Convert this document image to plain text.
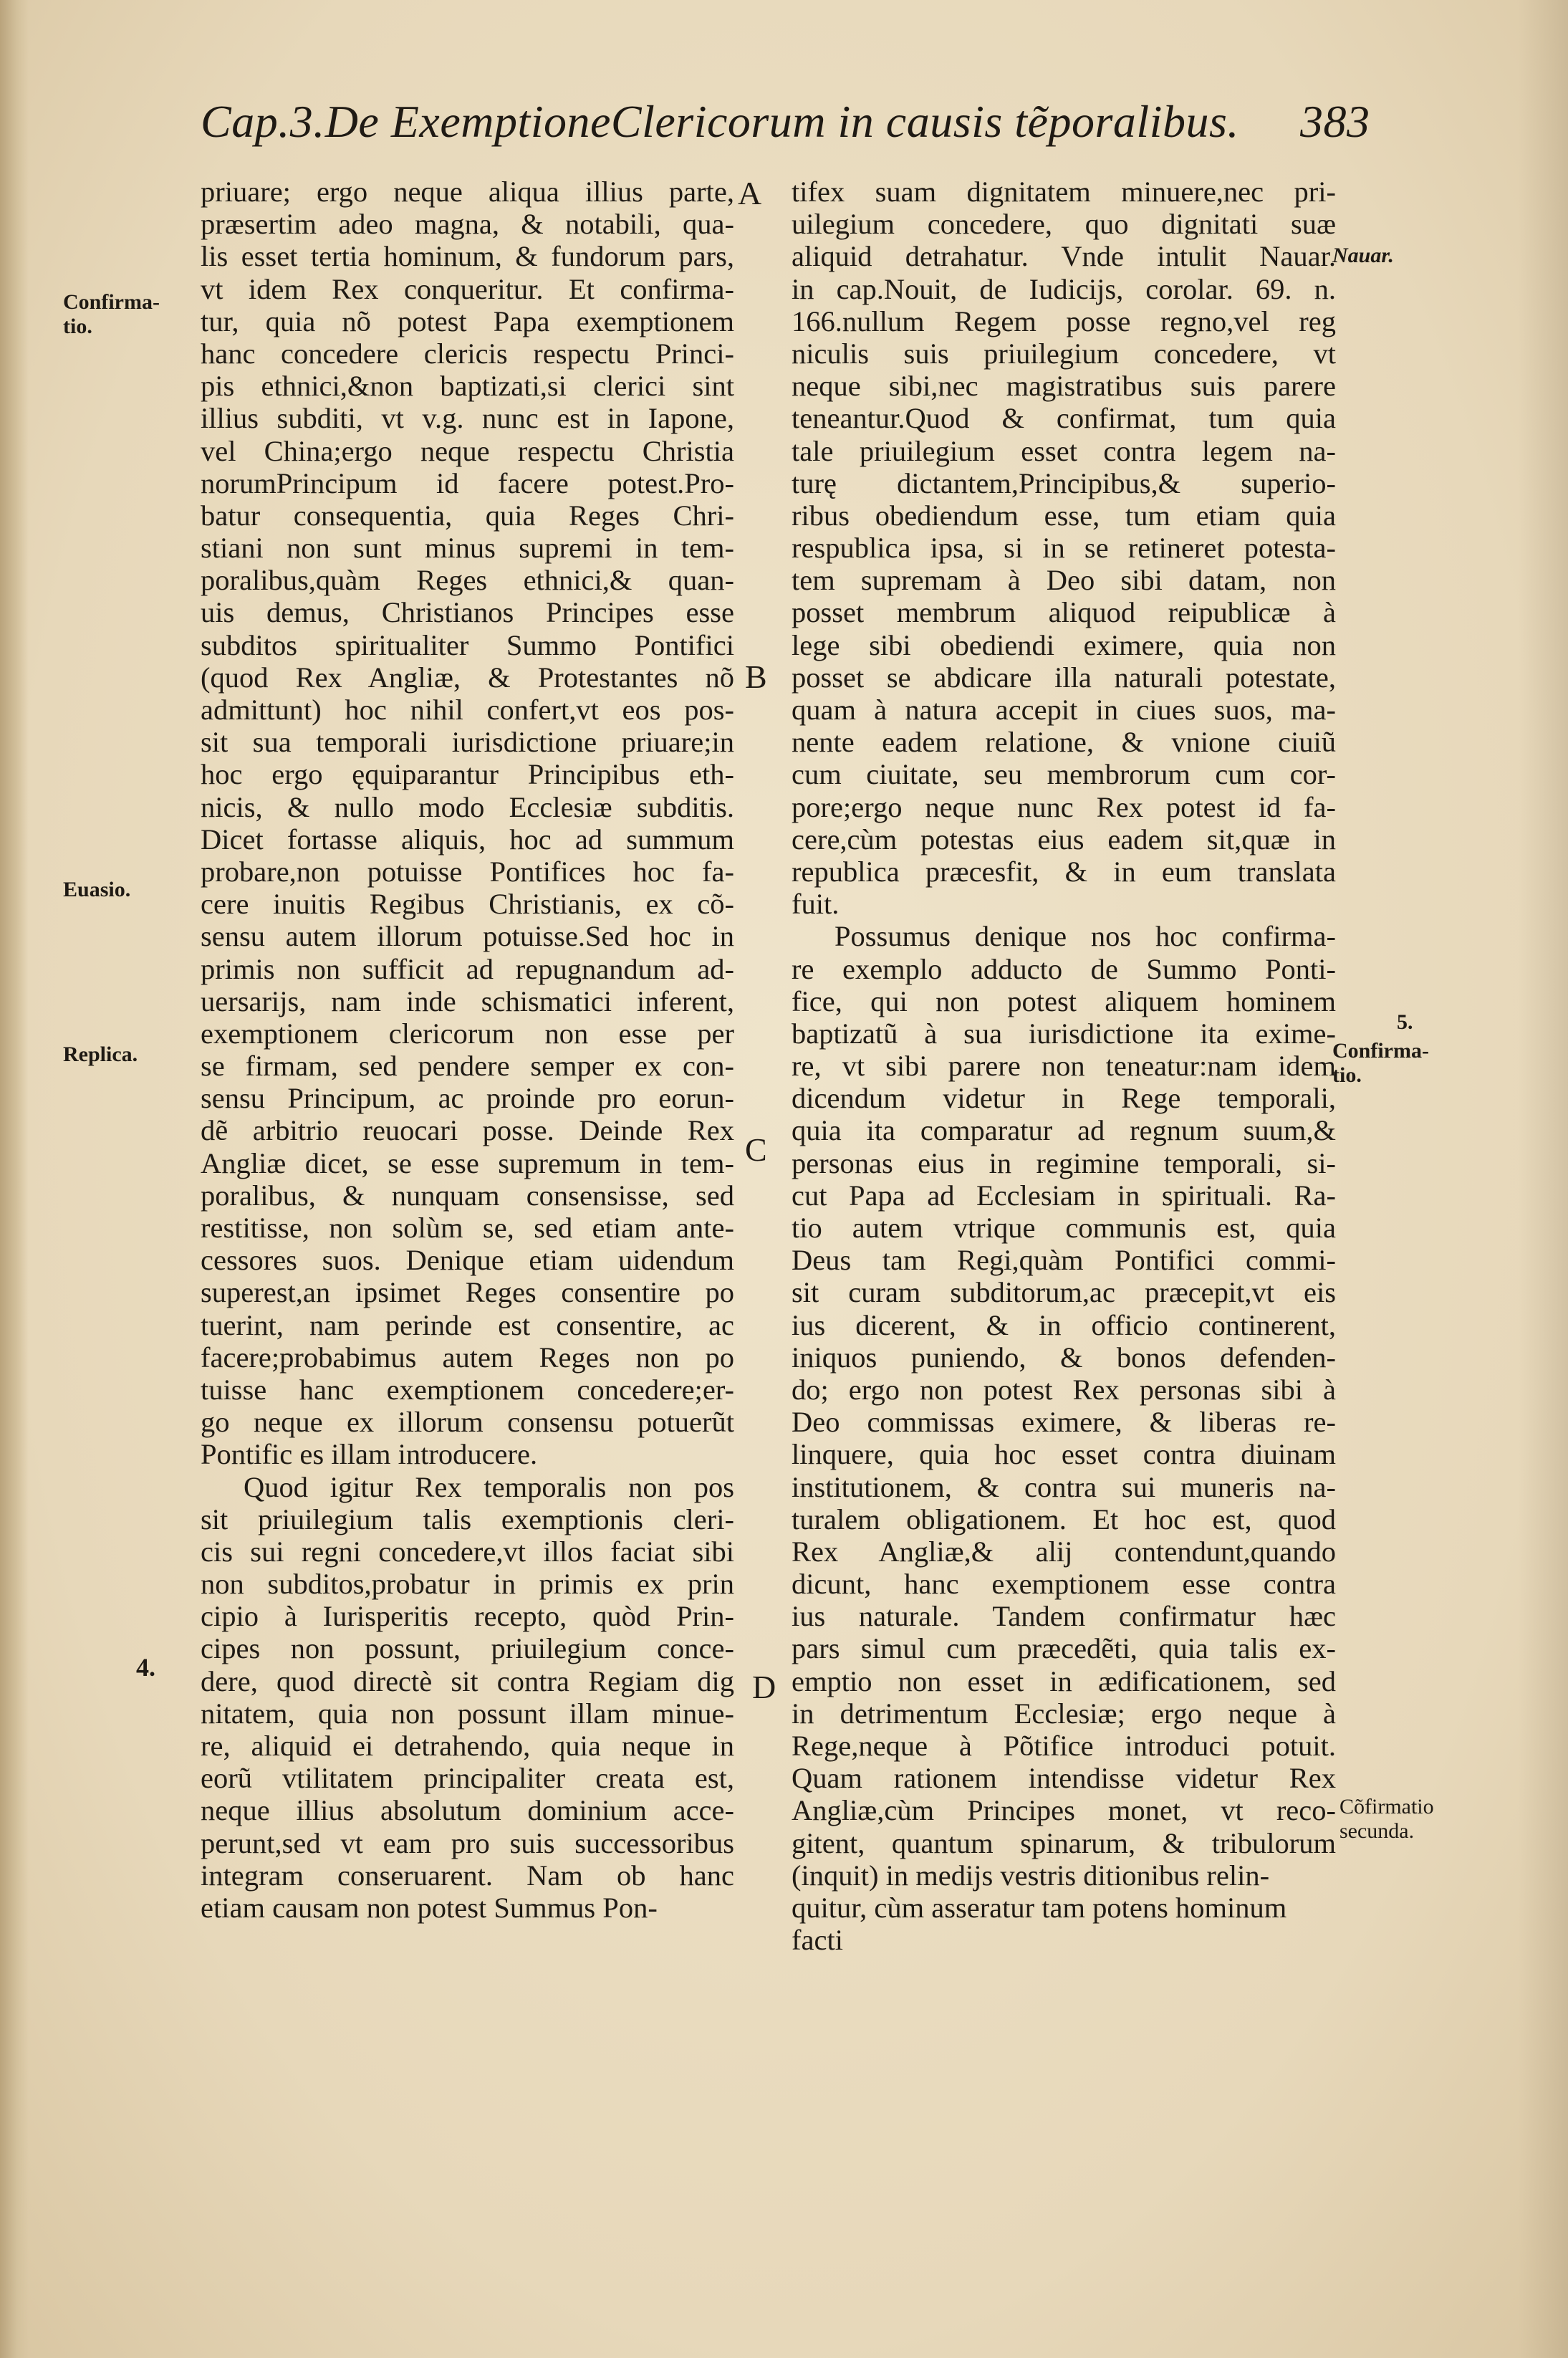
Cap.3.De ExemptioneClericorum in causis tẽporalibus. 383
Confirma-tio.
Euasio.
Replica.
4.
Nauar.
5.
Confirma-tio.
Cõfirmatio secunda.
A
B
C
D
priuare; ergo neque aliqua illius parte,
præsertim adeo magna, & notabili, qua-
lis esset tertia hominum, & fundorum pars,
vt idem Rex conqueritur. Et confirma-
tur, quia nõ potest Papa exemptionem
hanc concedere clericis respectu Princi-
pis ethnici,&non baptizati,si clerici sint
illius subditi, vt v.g. nunc est in Iapone,
vel China;ergo neque respectu Christia
norumPrincipum id facere potest.Pro-
batur consequentia, quia Reges Chri-
stiani non sunt minus supremi in tem-
poralibus,quàm Reges ethnici,& quan-
uis demus, Christianos Principes esse
subditos spiritualiter Summo Pontifici
(quod Rex Angliæ, & Protestantes nõ
admittunt) hoc nihil confert,vt eos pos-
sit sua temporali iurisdictione priuare;in
hoc ergo ęquiparantur Principibus eth-
nicis, & nullo modo Ecclesiæ subditis.
Dicet fortasse aliquis, hoc ad summum
probare,non potuisse Pontifices hoc fa-
cere inuitis Regibus Christianis, ex cõ-
sensu autem illorum potuisse.Sed hoc in
primis non sufficit ad repugnandum ad-
uersarijs, nam inde schismatici inferent,
exemptionem clericorum non esse per
se firmam, sed pendere semper ex con-
sensu Principum, ac proinde pro eorun-
dẽ arbitrio reuocari posse. Deinde Rex
Angliæ dicet, se esse supremum in tem-
poralibus, & nunquam consensisse, sed
restitisse, non solùm se, sed etiam ante-
cessores suos. Denique etiam uidendum
superest,an ipsimet Reges consentire po
tuerint, nam perinde est consentire, ac
facere;probabimus autem Reges non po
tuisse hanc exemptionem concedere;er-
go neque ex illorum consensu potuerũt
Pontific es illam introducere.
Quod igitur Rex temporalis non pos
sit priuilegium talis exemptionis cleri-
cis sui regni concedere,vt illos faciat sibi
non subditos,probatur in primis ex prin
cipio à Iurisperitis recepto, quòd Prin-
cipes non possunt, priuilegium conce-
dere, quod directè sit contra Regiam dig
nitatem, quia non possunt illam minue-
re, aliquid ei detrahendo, quia neque in
eorũ vtilitatem principaliter creata est,
neque illius absolutum dominium acce-
perunt,sed vt eam pro suis successoribus
integram conseruarent. Nam ob hanc
etiam causam non potest Summus Pon-
tifex suam dignitatem minuere,nec pri-
uilegium concedere, quo dignitati suæ
aliquid detrahatur. Vnde intulit Nauar.
in cap.Nouit, de Iudicijs, corolar. 69. n.
166.nullum Regem posse regno,vel reg
niculis suis priuilegium concedere, vt
neque sibi,nec magistratibus suis parere
teneantur.Quod & confirmat, tum quia
tale priuilegium esset contra legem na-
turę dictantem,Principibus,& superio-
ribus obediendum esse, tum etiam quia
respublica ipsa, si in se retineret potesta-
tem supremam à Deo sibi datam, non
posset membrum aliquod reipublicæ à
lege sibi obediendi eximere, quia non
posset se abdicare illa naturali potestate,
quam à natura accepit in ciues suos, ma-
nente eadem relatione, & vnione ciuiũ
cum ciuitate, seu membrorum cum cor-
pore;ergo neque nunc Rex potest id fa-
cere,cùm potestas eius eadem sit,quæ in
republica præcesfit, & in eum translata
fuit.
Possumus denique nos hoc confirma-
re exemplo adducto de Summo Ponti-
fice, qui non potest aliquem hominem
baptizatũ à sua iurisdictione ita exime-
re, vt sibi parere non teneatur:nam idem
dicendum videtur in Rege temporali,
quia ita comparatur ad regnum suum,&
personas eius in regimine temporali, si-
cut Papa ad Ecclesiam in spirituali. Ra-
tio autem vtrique communis est, quia
Deus tam Regi,quàm Pontifici commi-
sit curam subditorum,ac præcepit,vt eis
ius dicerent, & in officio continerent,
iniquos puniendo, & bonos defenden-
do; ergo non potest Rex personas sibi à
Deo commissas eximere, & liberas re-
linquere, quia hoc esset contra diuinam
institutionem, & contra sui muneris na-
turalem obligationem. Et hoc est, quod
Rex Angliæ,& alij contendunt,quando
dicunt, hanc exemptionem esse contra
ius naturale. Tandem confirmatur hæc
pars simul cum præcedẽti, quia talis ex-
emptio non esset in ædificationem, sed
in detrimentum Ecclesiæ; ergo neque à
Rege,neque à Põtifice introduci potuit.
Quam rationem intendisse videtur Rex
Angliæ,cùm Principes monet, vt reco-
gitent, quantum spinarum, & tribulorum
(inquit) in medijs vestris ditionibus relin-
quitur, cùm asseratur tam potens hominum
facti
